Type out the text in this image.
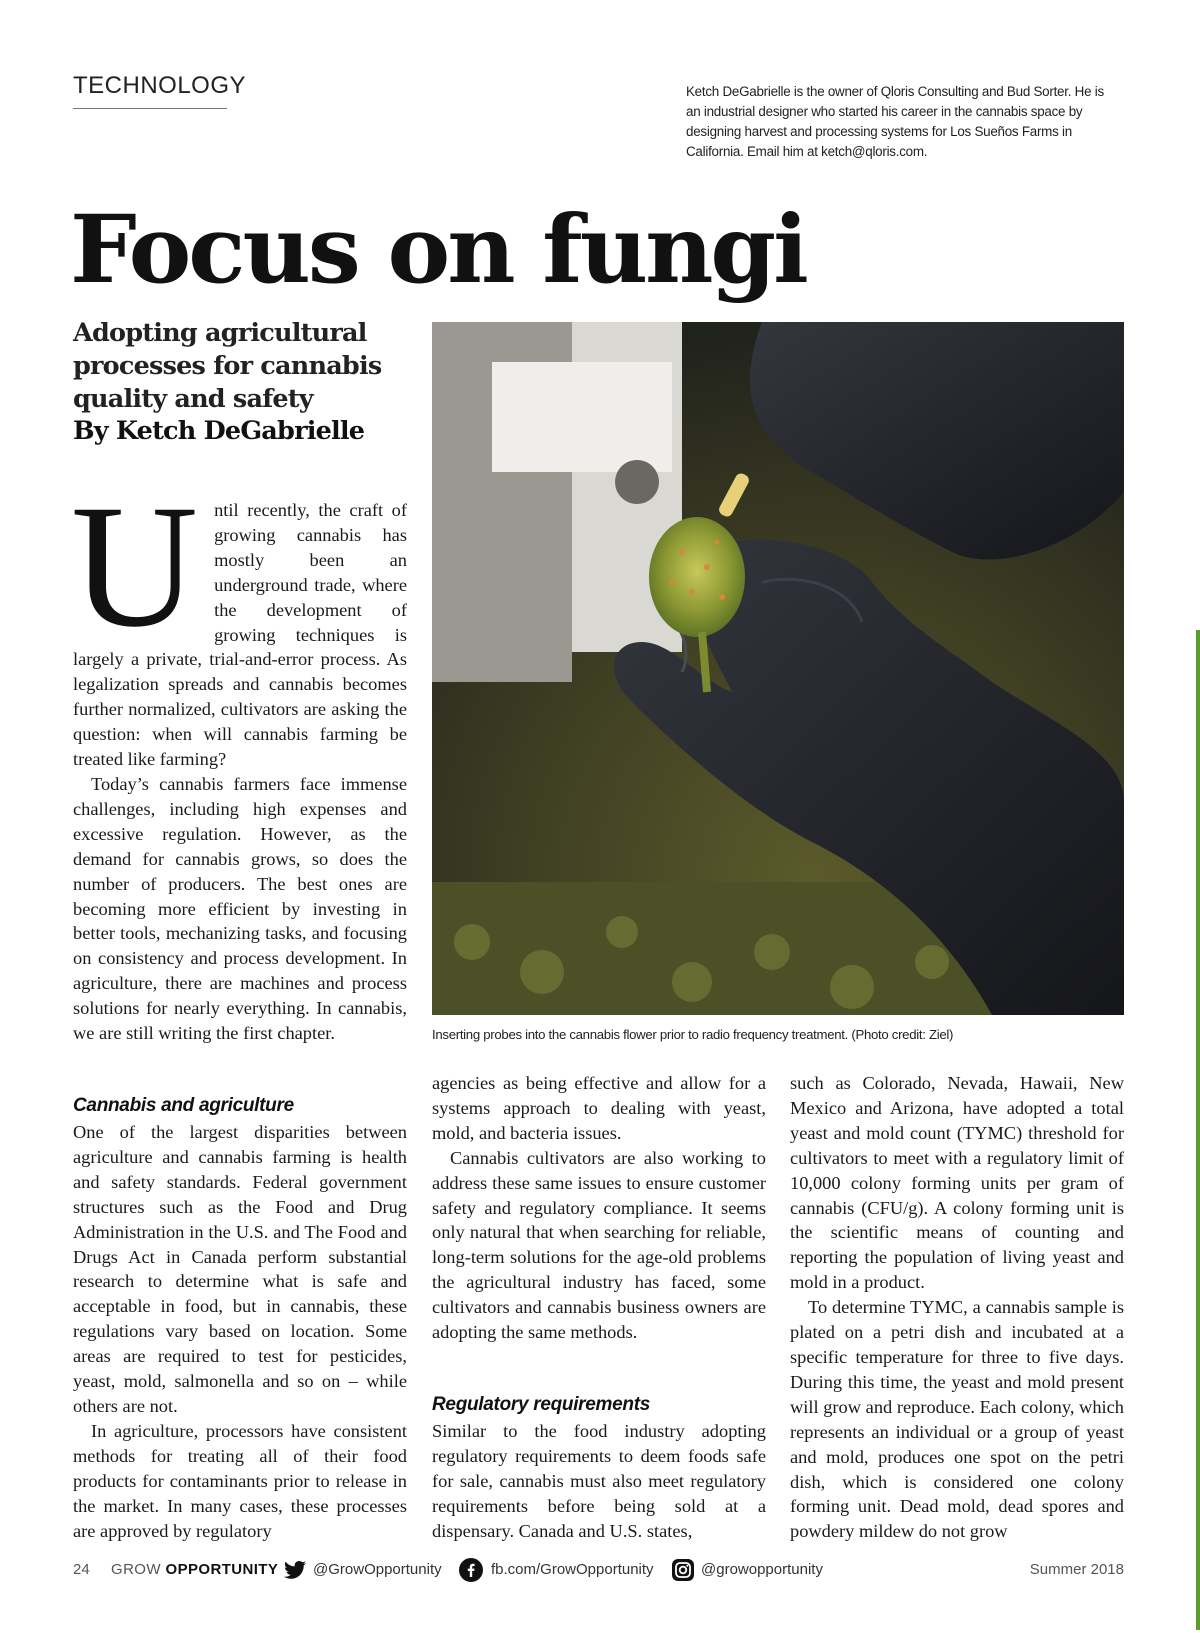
TECHNOLOGY	Ketch DeGabrielle is the owner of Qloris Consulting and Bud Sorter. He is an industrial designer who started his career in the cannabis space by designing harvest and processing systems for Los Sueños Farms in California. Email him at ketch@qloris.com.
Focus on fungi
Adopting agricultural processes for cannabis quality and safety
By Ketch DeGabrielle

Until recently, the craft of growing cannabis has mostly been an underground trade, where the development of growing techniques is largely a private, trial-and-error process. As legalization spreads and cannabis becomes further normalized, cultivators are asking the question: when will cannabis farming be treated like farming?

Today’s cannabis farmers face immense challenges, including high expenses and excessive regulation. However, as the demand for cannabis grows, so does the number of producers. The best ones are becoming more efficient by investing in better tools, mechanizing tasks, and focusing on consistency and process development. In agriculture, there are machines and process solutions for nearly everything. In cannabis, we are still writing the first chapter.

Cannabis and agriculture

One of the largest disparities between agriculture and cannabis farming is health and safety standards. Federal government structures such as the Food and Drug Administration in the U.S. and The Food and Drugs Act in Canada perform substantial research to determine what is safe and acceptable in food, but in cannabis, these regulations vary based on location. Some areas are required to test for pesticides, yeast, mold, salmonella and so on – while others are not.

In agriculture, processors have consistent methods for treating all of their food products for contaminants prior to release in the market. In many cases, these processes are approved by regulatory

Inserting probes into the cannabis flower prior to radio frequency treatment. (Photo credit: Ziel)

agencies as being effective and allow for a systems approach to dealing with yeast, mold, and bacteria issues.

Cannabis cultivators are also working to address these same issues to ensure customer safety and regulatory compliance. It seems only natural that when searching for reliable, long-term solutions for the age-old problems the agricultural industry has faced, some cultivators and cannabis business owners are adopting the same methods.

Regulatory requirements

Similar to the food industry adopting regulatory requirements to deem foods safe for sale, cannabis must also meet regulatory requirements before being sold at a dispensary. Canada and U.S. states,

such as Colorado, Nevada, Hawaii, New Mexico and Arizona, have adopted a total yeast and mold count (TYMC) threshold for cultivators to meet with a regulatory limit of 10,000 colony forming units per gram of cannabis (CFU/g). A colony forming unit is the scientific means of counting and reporting the population of living yeast and mold in a product.

To determine TYMC, a cannabis sample is plated on a petri dish and incubated at a specific temperature for three to five days. During this time, the yeast and mold present will grow and reproduce. Each colony, which represents an individual or a group of yeast and mold, produces one spot on the petri dish, which is considered one colony forming unit. Dead mold, dead spores and powdery mildew do not grow

24 GROW OPPORTUNITY @GrowOpportunity	fb.com/GrowOpportunity	@growopportunity	Summer 2018
